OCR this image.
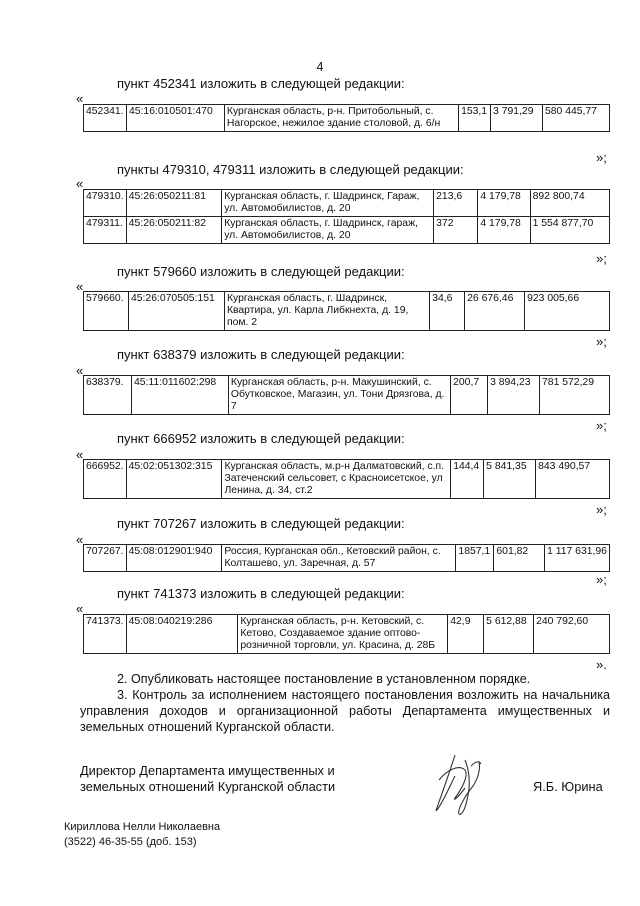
4
пункт 452341 изложить в следующей редакции:
«
452341.	45:16:010501:470	Курганская область, р-н. Притобольный, с. Нагорское, нежилое здание столовой, д. 6/н	153,1	3 791,29	580 445,77
»;
пункты 479310, 479311 изложить в следующей редакции:
«
479310.	45:26:050211:81	Курганская область, г. Шадринск, Гараж, ул. Автомобилистов, д. 20	213,6	4 179,78	892 800,74
479311.	45:26:050211:82	Курганская область, г. Шадринск, гараж, ул. Автомобилистов, д. 20	372	4 179,78	1 554 877,70
»;
пункт 579660 изложить в следующей редакции:
«
579660.	45:26:070505:151	Курганская область, г. Шадринск, Квартира, ул. Карла Либкнехта, д. 19, пом. 2	34,6	26 676,46	923 005,66
»;
пункт 638379 изложить в следующей редакции:
«
638379.	45:11:011602:298	Курганская область, р-н. Макушинский, с. Обутковское, Магазин, ул. Тони Дрязгова, д. 7	200,7	3 894,23	781 572,29
»;
пункт 666952 изложить в следующей редакции:
«
666952.	45:02:051302:315	Курганская область, м.р-н Далматовский, с.п. Затеченский сельсовет, с Красноисетское, ул Ленина, д. 34, ст.2	144,4	5 841,35	843 490,57
»;
пункт 707267 изложить в следующей редакции:
«
707267.	45:08:012901:940	Россия, Курганская обл., Кетовский район, с. Колташево, ул. Заречная, д. 57	1857,1	601,82	1 117 631,96
»;
пункт 741373 изложить в следующей редакции:
«
741373.	45:08:040219:286	Курганская область, р-н. Кетовский, с. Кетово, Создаваемое здание оптово-розничной торговли, ул. Красина, д. 28Б	42,9	5 612,88	240 792,60
».
2. Опубликовать настоящее постановление в установленном порядке.
3. Контроль за исполнением настоящего постановления возложить на начальника управления доходов и организационной работы Департамента имущественных и земельных отношений Курганской области.
Директор Департамента имущественных и земельных отношений Курганской области	Я.Б. Юрина
Кириллова Нелли Николаевна
(3522) 46-35-55 (доб. 153)
